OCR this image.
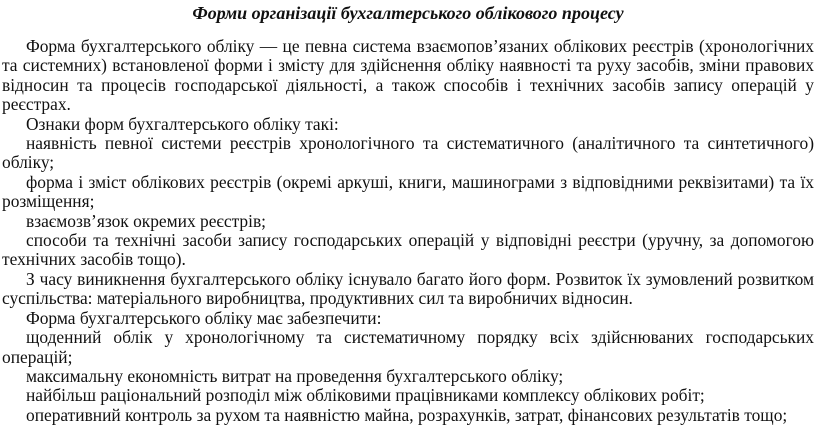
Форми організації бухгалтерського облікового процесу
Форма бухгалтерського обліку — це певна система взаємопов’язаних облікових реєстрів (хронологічних та системних) встановленої форми і змісту для здійснення обліку наявності та руху засобів, зміни правових відносин та процесів господарської діяльності, а також способів і технічних засобів запису операцій у реєстрах.
Ознаки форм бухгалтерського обліку такі:
наявність певної системи реєстрів хронологічного та систематичного (аналітичного та синтетичного) обліку;
форма і зміст облікових реєстрів (окремі аркуші, книги, машинограми з відповідними реквізитами) та їх розміщення;
взаємозв’язок окремих реєстрів;
способи та технічні засоби запису господарських операцій у відповідні реєстри (уручну, за допомогою технічних засобів тощо).
З часу виникнення бухгалтерського обліку існувало багато його форм. Розвиток їх зумовлений розвитком суспільства: матеріального виробництва, продуктивних сил та виробничих відносин.
Форма бухгалтерського обліку має забезпечити:
щоденний облік у хронологічному та систематичному порядку всіх здійснюваних господарських операцій;
максимальну економність витрат на проведення бухгалтерського обліку;
найбільш раціональний розподіл між обліковими працівниками комплексу облікових робіт;
оперативний контроль за рухом та наявністю майна, розрахунків, затрат, фінансових результатів тощо;
